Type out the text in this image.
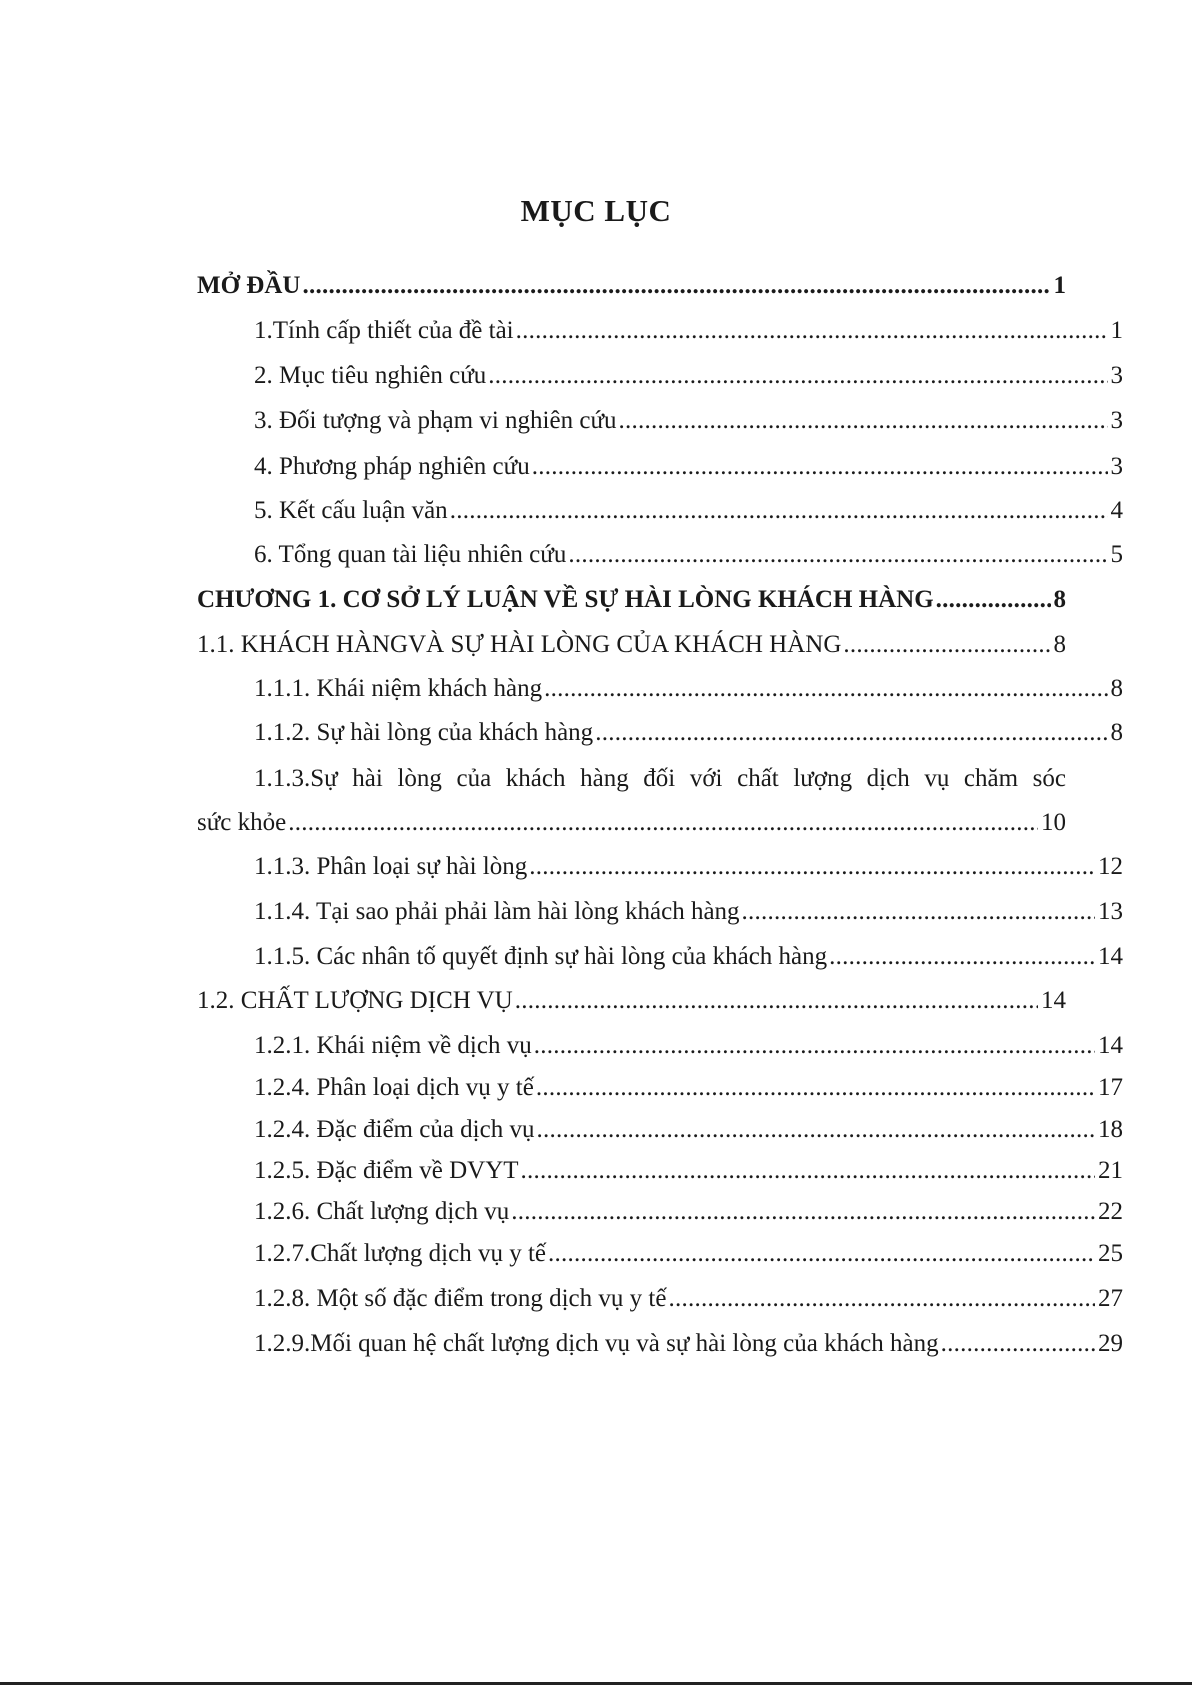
MỤC LỤC
MỞ ĐẦU . . .	1
1.Tính cấp thiết của đề tài . . .	1
2. Mục tiêu nghiên cứu . . .	3
3. Đối tượng và phạm vi nghiên cứu . . .	3
4. Phương pháp nghiên cứu . . .	3
5. Kết cấu luận văn . . .	4
6. Tổng quan tài liệu nhiên cứu . . .	5
CHƯƠNG 1. CƠ SỞ LÝ LUẬN VỀ SỰ HÀI LÒNG KHÁCH HÀNG . . .	8
1.1. KHÁCH HÀNGVÀ SỰ HÀI LÒNG CỦA KHÁCH HÀNG . . .	8
1.1.1. Khái niệm khách hàng . . .	8
1.1.2. Sự hài lòng của khách hàng . . .	8
1.1.3.Sự hài lòng của khách hàng đối với chất lượng dịch vụ chăm sóc
sức khỏe . . .	10
1.1.3. Phân loại sự hài lòng . . .	12
1.1.4. Tại sao phải phải làm hài lòng khách hàng . . .	13
1.1.5. Các nhân tố quyết định sự hài lòng của khách hàng . . .	14
1.2. CHẤT LƯỢNG DỊCH VỤ . . .	14
1.2.1. Khái niệm về dịch vụ . . .	14
1.2.4. Phân loại dịch vụ y tế . . .	17
1.2.4. Đặc điểm của dịch vụ . . .	18
1.2.5. Đặc điểm về DVYT . . .	21
1.2.6. Chất lượng dịch vụ . . .	22
1.2.7.Chất lượng dịch vụ y tế . . .	25
1.2.8. Một số đặc điểm trong dịch vụ y tế . . .	27
1.2.9.Mối quan hệ chất lượng dịch vụ và sự hài lòng của khách hàng . . .	29
